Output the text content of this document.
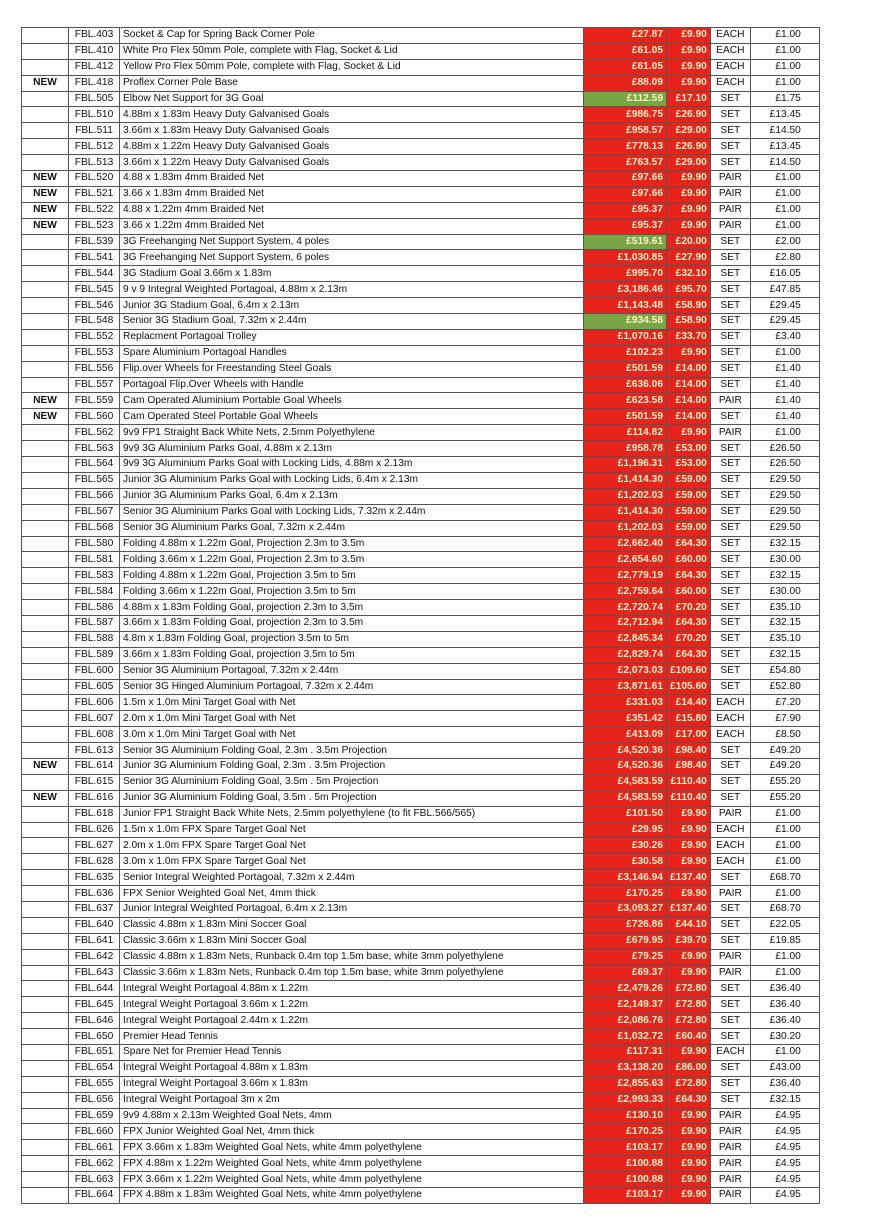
	FBL.403	Socket & Cap for Spring Back Corner Pole	£27.87	£9.90	EACH	£1.00
	FBL.410	White Pro Flex 50mm Pole, complete with Flag, Socket & Lid	£61.05	£9.90	EACH	£1.00
	FBL.412	Yellow Pro Flex 50mm Pole, complete with Flag, Socket & Lid	£61.05	£9.90	EACH	£1.00
NEW	FBL.418	Proflex Corner Pole Base	£88.09	£9.90	EACH	£1.00
	FBL.505	Elbow Net Support for 3G Goal	£112.59	£17.10	SET	£1.75
	FBL.510	4.88m x 1.83m Heavy Duty Galvanised Goals	£986.75	£26.90	SET	£13.45
	FBL.511	3.66m x 1.83m Heavy Duty Galvanised Goals	£958.57	£29.00	SET	£14.50
	FBL.512	4.88m x 1.22m Heavy Duty Galvanised Goals	£778.13	£26.90	SET	£13.45
	FBL.513	3.66m x 1.22m Heavy Duty Galvanised Goals	£763.57	£29.00	SET	£14.50
NEW	FBL.520	4.88 x 1.83m 4mm Braided Net	£97.66	£9.90	PAIR	£1.00
NEW	FBL.521	3.66 x 1.83m 4mm Braided Net	£97.66	£9.90	PAIR	£1.00
NEW	FBL.522	4.88 x 1.22m 4mm Braided Net	£95.37	£9.90	PAIR	£1.00
NEW	FBL.523	3.66 x 1.22m 4mm Braided Net	£95.37	£9.90	PAIR	£1.00
	FBL.539	3G Freehanging Net Support System, 4 poles	£519.61	£20.00	SET	£2.00
	FBL.541	3G Freehanging Net Support System, 6 poles	£1,030.85	£27.90	SET	£2.80
	FBL.544	3G Stadium Goal 3.66m x 1.83m	£995.70	£32.10	SET	£16.05
	FBL.545	9 v 9 Integral Weighted Portagoal, 4.88m x 2.13m	£3,186.46	£95.70	SET	£47.85
	FBL.546	Junior 3G Stadium Goal, 6.4m x 2.13m	£1,143.48	£58.90	SET	£29.45
	FBL.548	Senior 3G Stadium Goal, 7.32m x 2.44m	£934.58	£58.90	SET	£29.45
	FBL.552	Replacment Portagoal Trolley	£1,070.16	£33.70	SET	£3.40
	FBL.553	Spare Aluminium Portagoal Handles	£102.23	£9.90	SET	£1.00
	FBL.556	Flip.over Wheels for Freestanding Steel Goals	£501.59	£14.00	SET	£1.40
	FBL.557	Portagoal Flip.Over Wheels with Handle	£636.06	£14.00	SET	£1.40
NEW	FBL.559	Cam Operated Aluminium Portable Goal Wheels	£623.58	£14.00	PAIR	£1.40
NEW	FBL.560	Cam Operated Steel Portable Goal Wheels	£501.59	£14.00	SET	£1.40
	FBL.562	9v9 FP1 Straight Back White Nets, 2.5mm Polyethylene	£114.82	£9.90	PAIR	£1.00
	FBL.563	9v9 3G Aluminium Parks Goal, 4.88m x 2.13m	£958.78	£53.00	SET	£26.50
	FBL.564	9v9 3G Aluminium Parks Goal with Locking Lids, 4.88m x 2.13m	£1,196.31	£53.00	SET	£26.50
	FBL.565	Junior 3G Aluminium Parks Goal with Locking Lids, 6.4m x 2.13m	£1,414.30	£59.00	SET	£29.50
	FBL.566	Junior 3G Aluminium Parks Goal, 6.4m x 2.13m	£1,202.03	£59.00	SET	£29.50
	FBL.567	Senior 3G Aluminium Parks Goal with Locking Lids, 7.32m x 2.44m	£1,414.30	£59.00	SET	£29.50
	FBL.568	Senior 3G Aluminium Parks Goal, 7.32m x 2.44m	£1,202.03	£59.00	SET	£29.50
	FBL.580	Folding 4.88m x 1.22m Goal, Projection 2.3m to 3.5m	£2,662.40	£64.30	SET	£32.15
	FBL.581	Folding 3.66m x 1.22m Goal, Projection 2.3m to 3.5m	£2,654.60	£60.00	SET	£30.00
	FBL.583	Folding 4.88m x 1.22m Goal, Projection 3.5m to 5m	£2,779.19	£64.30	SET	£32.15
	FBL.584	Folding 3.66m x 1.22m Goal, Projection 3.5m to 5m	£2,759.64	£60.00	SET	£30.00
	FBL.586	4.88m x 1.83m Folding Goal, projection 2.3m to 3.5m	£2,720.74	£70.20	SET	£35.10
	FBL.587	3.66m x 1.83m Folding Goal, projection 2.3m to 3.5m	£2,712.94	£64.30	SET	£32.15
	FBL.588	4.8m x 1.83m Folding Goal, projection 3.5m to 5m	£2,845.34	£70.20	SET	£35.10
	FBL.589	3.66m x 1.83m Folding Goal, projection 3.5m to 5m	£2,829.74	£64.30	SET	£32.15
	FBL.600	Senior 3G Aluminium Portagoal, 7.32m x 2.44m	£2,073.03	£109.60	SET	£54.80
	FBL.605	Senior 3G Hinged Aluminium Portagoal, 7.32m x 2.44m	£3,871.61	£105.60	SET	£52.80
	FBL.606	1.5m x 1.0m Mini Target Goal with Net	£331.03	£14.40	EACH	£7.20
	FBL.607	2.0m x 1.0m Mini Target Goal with Net	£351.42	£15.80	EACH	£7.90
	FBL.608	3.0m x 1.0m Mini Target Goal with Net	£413.09	£17.00	EACH	£8.50
	FBL.613	Senior 3G Aluminium Folding Goal, 2.3m . 3.5m Projection	£4,520.36	£98.40	SET	£49.20
NEW	FBL.614	Junior 3G Aluminium Folding Goal, 2.3m . 3.5m Projection	£4,520.36	£98.40	SET	£49.20
	FBL.615	Senior 3G Aluminium Folding Goal, 3.5m . 5m Projection	£4,583.59	£110.40	SET	£55.20
NEW	FBL.616	Junior 3G Aluminium Folding Goal, 3.5m . 5m Projection	£4,583.59	£110.40	SET	£55.20
	FBL.618	Junior FP1 Straight Back White Nets, 2.5mm polyethylene (to fit FBL.566/565)	£101.50	£9.90	PAIR	£1.00
	FBL.626	1.5m x 1.0m FPX Spare Target Goal Net	£29.95	£9.90	EACH	£1.00
	FBL.627	2.0m x 1.0m FPX Spare Target Goal Net	£30.26	£9.90	EACH	£1.00
	FBL.628	3.0m x 1.0m FPX Spare Target Goal Net	£30.58	£9.90	EACH	£1.00
	FBL.635	Senior Integral Weighted Portagoal, 7.32m x 2.44m	£3,146.94	£137.40	SET	£68.70
	FBL.636	FPX Senior Weighted Goal Net, 4mm thick	£170.25	£9.90	PAIR	£1.00
	FBL.637	Junior Integral Weighted Portagoal, 6.4m x 2.13m	£3,093.27	£137.40	SET	£68.70
	FBL.640	Classic 4.88m x 1.83m Mini Soccer Goal	£726.86	£44.10	SET	£22.05
	FBL.641	Classic 3.66m x 1.83m Mini Soccer Goal	£679.95	£39.70	SET	£19.85
	FBL.642	Classic 4.88m x 1.83m Nets, Runback 0.4m top 1.5m base, white 3mm polyethylene	£79.25	£9.90	PAIR	£1.00
	FBL.643	Classic 3.66m x 1.83m Nets, Runback 0.4m top 1.5m base, white 3mm polyethylene	£69.37	£9.90	PAIR	£1.00
	FBL.644	Integral Weight Portagoal 4.88m x 1.22m	£2,479.26	£72.80	SET	£36.40
	FBL.645	Integral Weight Portagoal 3.66m x 1.22m	£2,149.37	£72.80	SET	£36.40
	FBL.646	Integral Weight Portagoal 2.44m x 1.22m	£2,086.76	£72.80	SET	£36.40
	FBL.650	Premier Head Tennis	£1,032.72	£60.40	SET	£30.20
	FBL.651	Spare Net for Premier Head Tennis	£117.31	£9.90	EACH	£1.00
	FBL.654	Integral Weight Portagoal 4.88m x 1.83m	£3,138.20	£86.00	SET	£43.00
	FBL.655	Integral Weight Portagoal 3.66m x 1.83m	£2,855.63	£72.80	SET	£36.40
	FBL.656	Integral Weight Portagoal 3m x 2m	£2,993.33	£64.30	SET	£32.15
	FBL.659	9v9 4.88m x 2.13m Weighted Goal Nets, 4mm	£130.10	£9.90	PAIR	£4.95
	FBL.660	FPX Junior Weighted Goal Net, 4mm thick	£170.25	£9.90	PAIR	£4.95
	FBL.661	FPX 3.66m x 1.83m Weighted Goal Nets, white 4mm polyethylene	£103.17	£9.90	PAIR	£4.95
	FBL.662	FPX 4.88m x 1.22m Weighted Goal Nets, white 4mm polyethylene	£100.88	£9.90	PAIR	£4.95
	FBL.663	FPX 3.66m x 1.22m Weighted Goal Nets, white 4mm polyethylene	£100.88	£9.90	PAIR	£4.95
	FBL.664	FPX 4.88m x 1.83m Weighted Goal Nets, white 4mm polyethylene	£103.17	£9.90	PAIR	£4.95
